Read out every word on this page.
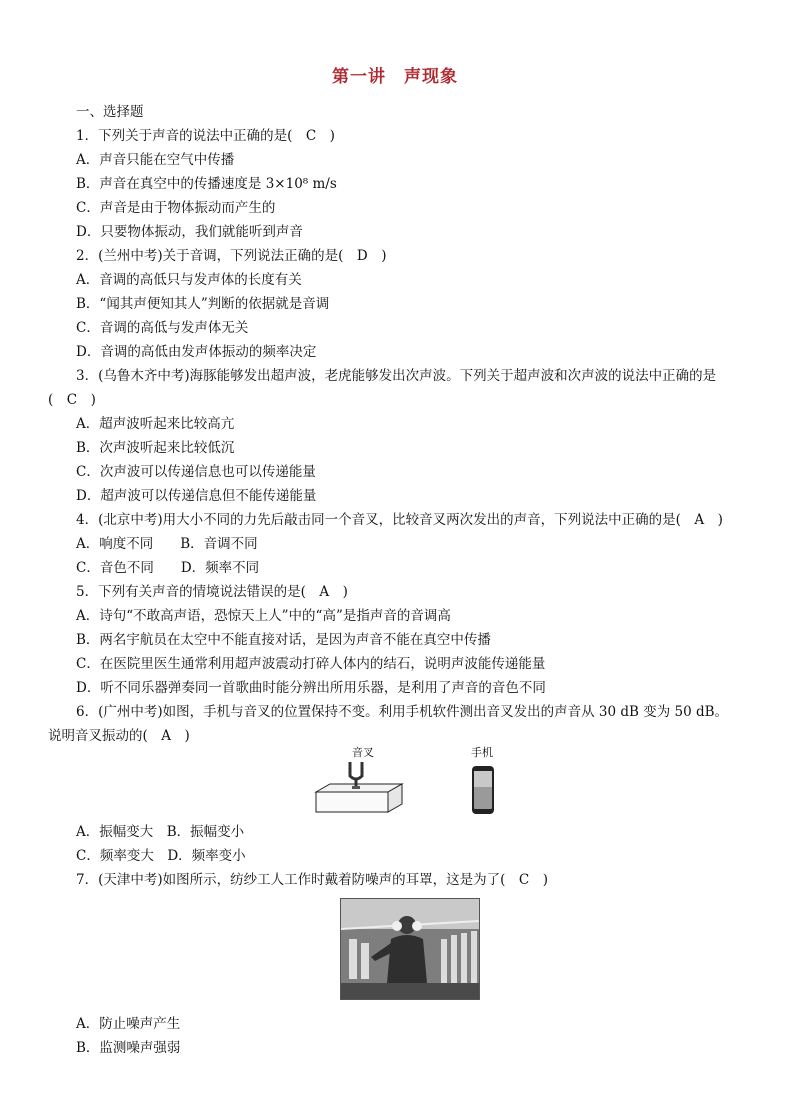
第一讲　声现象
一、选择题
1．下列关于声音的说法中正确的是(　C　)
A．声音只能在空气中传播
B．声音在真空中的传播速度是 3×10⁸ m/s
C．声音是由于物体振动而产生的
D．只要物体振动，我们就能听到声音
2．(兰州中考)关于音调，下列说法正确的是(　D　)
A．音调的高低只与发声体的长度有关
B．“闻其声便知其人”判断的依据就是音调
C．音调的高低与发声体无关
D．音调的高低由发声体振动的频率决定
3．(乌鲁木齐中考)海豚能够发出超声波，老虎能够发出次声波。下列关于超声波和次声波的说法中正确的是
(　C　)
A．超声波听起来比较高亢
B．次声波听起来比较低沉
C．次声波可以传递信息也可以传递能量
D．超声波可以传递信息但不能传递能量
4．(北京中考)用大小不同的力先后敲击同一个音叉，比较音叉两次发出的声音，下列说法中正确的是(　A　)
A．响度不同　　B．音调不同
C．音色不同　　D．频率不同
5．下列有关声音的情境说法错误的是(　A　)
A．诗句“不敢高声语，恐惊天上人”中的“高”是指声音的音调高
B．两名宇航员在太空中不能直接对话，是因为声音不能在真空中传播
C．在医院里医生通常利用超声波震动打碎人体内的结石，说明声波能传递能量
D．听不同乐器弹奏同一首歌曲时能分辨出所用乐器，是利用了声音的音色不同
6．(广州中考)如图，手机与音叉的位置保持不变。利用手机软件测出音叉发出的声音从 30 dB 变为 50 dB。
说明音叉振动的(　A　)
音叉	手机
A．振幅变大　B．振幅变小
C．频率变大　D．频率变小
7．(天津中考)如图所示，纺纱工人工作时戴着防噪声的耳罩，这是为了(　C　)
A．防止噪声产生
B．监测噪声强弱
